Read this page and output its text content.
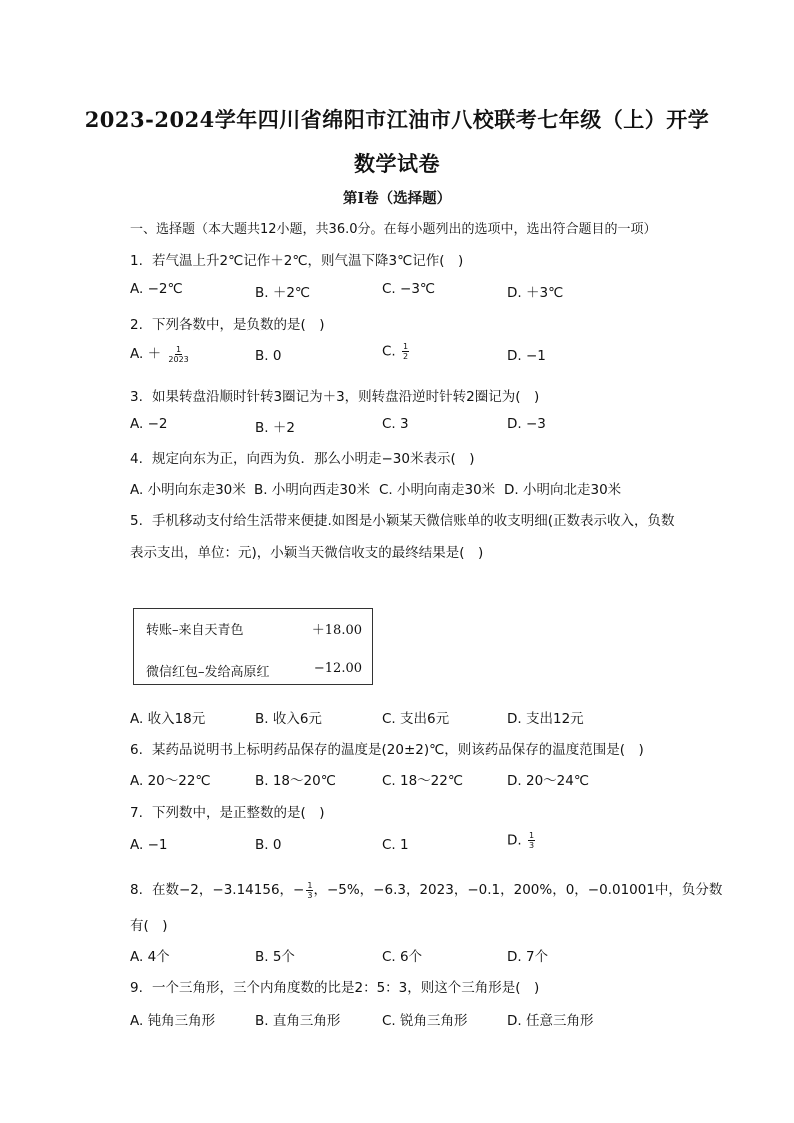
2023-2024学年四川省绵阳市江油市八校联考七年级（上）开学
数学试卷
第Ⅰ卷（选择题）
一、选择题（本大题共12小题，共36.0分。在每小题列出的选项中，选出符合题目的一项）
1. 若气温上升2℃记作＋2℃，则气温下降3℃记作(　)
A. −2℃	B. ＋2℃	C. −3℃	D. ＋3℃
2. 下列各数中，是负数的是(　)
A. ＋ $\frac{1}{2023}$	B. 0	C. $\frac{1}{2}$	D. −1
3. 如果转盘沿顺时针转3圈记为＋3，则转盘沿逆时针转2圈记为(　)
A. −2	B. ＋2	C. 3	D. −3
4. 规定向东为正，向西为负．那么小明走−30米表示(　)
A. 小明向东走30米 B. 小明向西走30米 C. 小明向南走30米 D. 小明向北走30米
5. 手机移动支付给生活带来便捷.如图是小颖某天微信账单的收支明细(正数表示收入，负数
表示支出，单位：元)，小颖当天微信收支的最终结果是(　)
转账–来自天青色	＋18.00
微信红包–发给高原红	−12.00
A. 收入18元	B. 收入6元	C. 支出6元	D. 支出12元
6. 某药品说明书上标明药品保存的温度是(20±2)℃，则该药品保存的温度范围是(　)
A. 20～22℃	B. 18～20℃	C. 18～22℃	D. 20～24℃
7. 下列数中，是正整数的是(　)
A. −1	B. 0	C. 1	D. $\frac{1}{3}$
8. 在数−2，−3.14156，− $\frac{1}{3}$ ，−5%，−6.3，2023，−0.1，200%，0，−0.01001中，负分数
有(　)
A. 4个	B. 5个	C. 6个	D. 7个
9. 一个三角形，三个内角度数的比是2：5：3，则这个三角形是(　)
A. 钝角三角形	B. 直角三角形	C. 锐角三角形	D. 任意三角形
